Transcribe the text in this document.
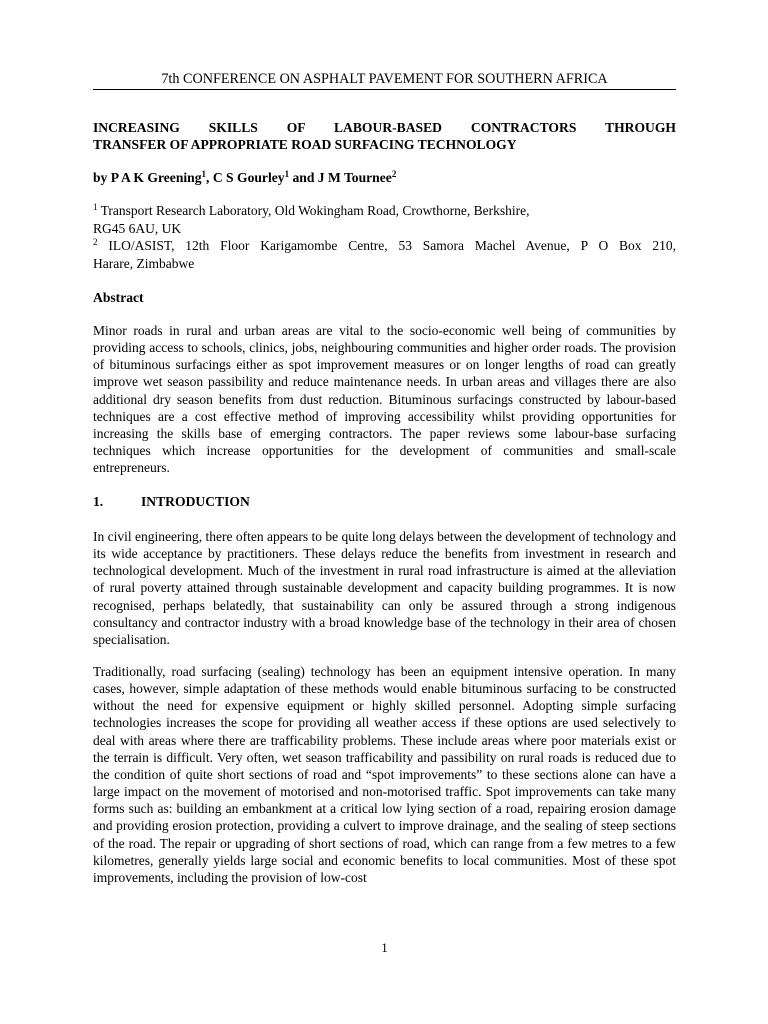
7th CONFERENCE ON ASPHALT PAVEMENT FOR SOUTHERN AFRICA
INCREASING SKILLS OF LABOUR-BASED CONTRACTORS THROUGH
TRANSFER OF APPROPRIATE ROAD SURFACING TECHNOLOGY
by P A K Greening$^1$, C S Gourley$^1$ and J M Tournee$^2$
$^1$ Transport Research Laboratory, Old Wokingham Road, Crowthorne, Berkshire,
RG45 6AU, UK
$^2$ ILO/ASIST, 12th Floor Karigamombe Centre, 53 Samora Machel Avenue, P O Box 210,
Harare, Zimbabwe
Abstract
Minor roads in rural and urban areas are vital to the socio-economic well being of communities by providing access to schools, clinics, jobs, neighbouring communities and higher order roads. The provision of bituminous surfacings either as spot improvement measures or on longer lengths of road can greatly improve wet season passibility and reduce maintenance needs. In urban areas and villages there are also additional dry season benefits from dust reduction. Bituminous surfacings constructed by labour-based techniques are a cost effective method of improving accessibility whilst providing opportunities for increasing the skills base of emerging contractors. The paper reviews some labour-base surfacing techniques which increase opportunities for the development of communities and small-scale entrepreneurs.
1.	INTRODUCTION
In civil engineering, there often appears to be quite long delays between the development of technology and its wide acceptance by practitioners. These delays reduce the benefits from investment in research and technological development. Much of the investment in rural road infrastructure is aimed at the alleviation of rural poverty attained through sustainable development and capacity building programmes. It is now recognised, perhaps belatedly, that sustainability can only be assured through a strong indigenous consultancy and contractor industry with a broad knowledge base of the technology in their area of chosen specialisation.
Traditionally, road surfacing (sealing) technology has been an equipment intensive operation. In many cases, however, simple adaptation of these methods would enable bituminous surfacing to be constructed without the need for expensive equipment or highly skilled personnel. Adopting simple surfacing technologies increases the scope for providing all weather access if these options are used selectively to deal with areas where there are trafficability problems. These include areas where poor materials exist or the terrain is difficult. Very often, wet season trafficability and passibility on rural roads is reduced due to the condition of quite short sections of road and “spot improvements” to these sections alone can have a large impact on the movement of motorised and non-motorised traffic. Spot improvements can take many forms such as: building an embankment at a critical low lying section of a road, repairing erosion damage and providing erosion protection, providing a culvert to improve drainage, and the sealing of steep sections of the road. The repair or upgrading of short sections of road, which can range from a few metres to a few kilometres, generally yields large social and economic benefits to local communities. Most of these spot improvements, including the provision of low-cost
1
